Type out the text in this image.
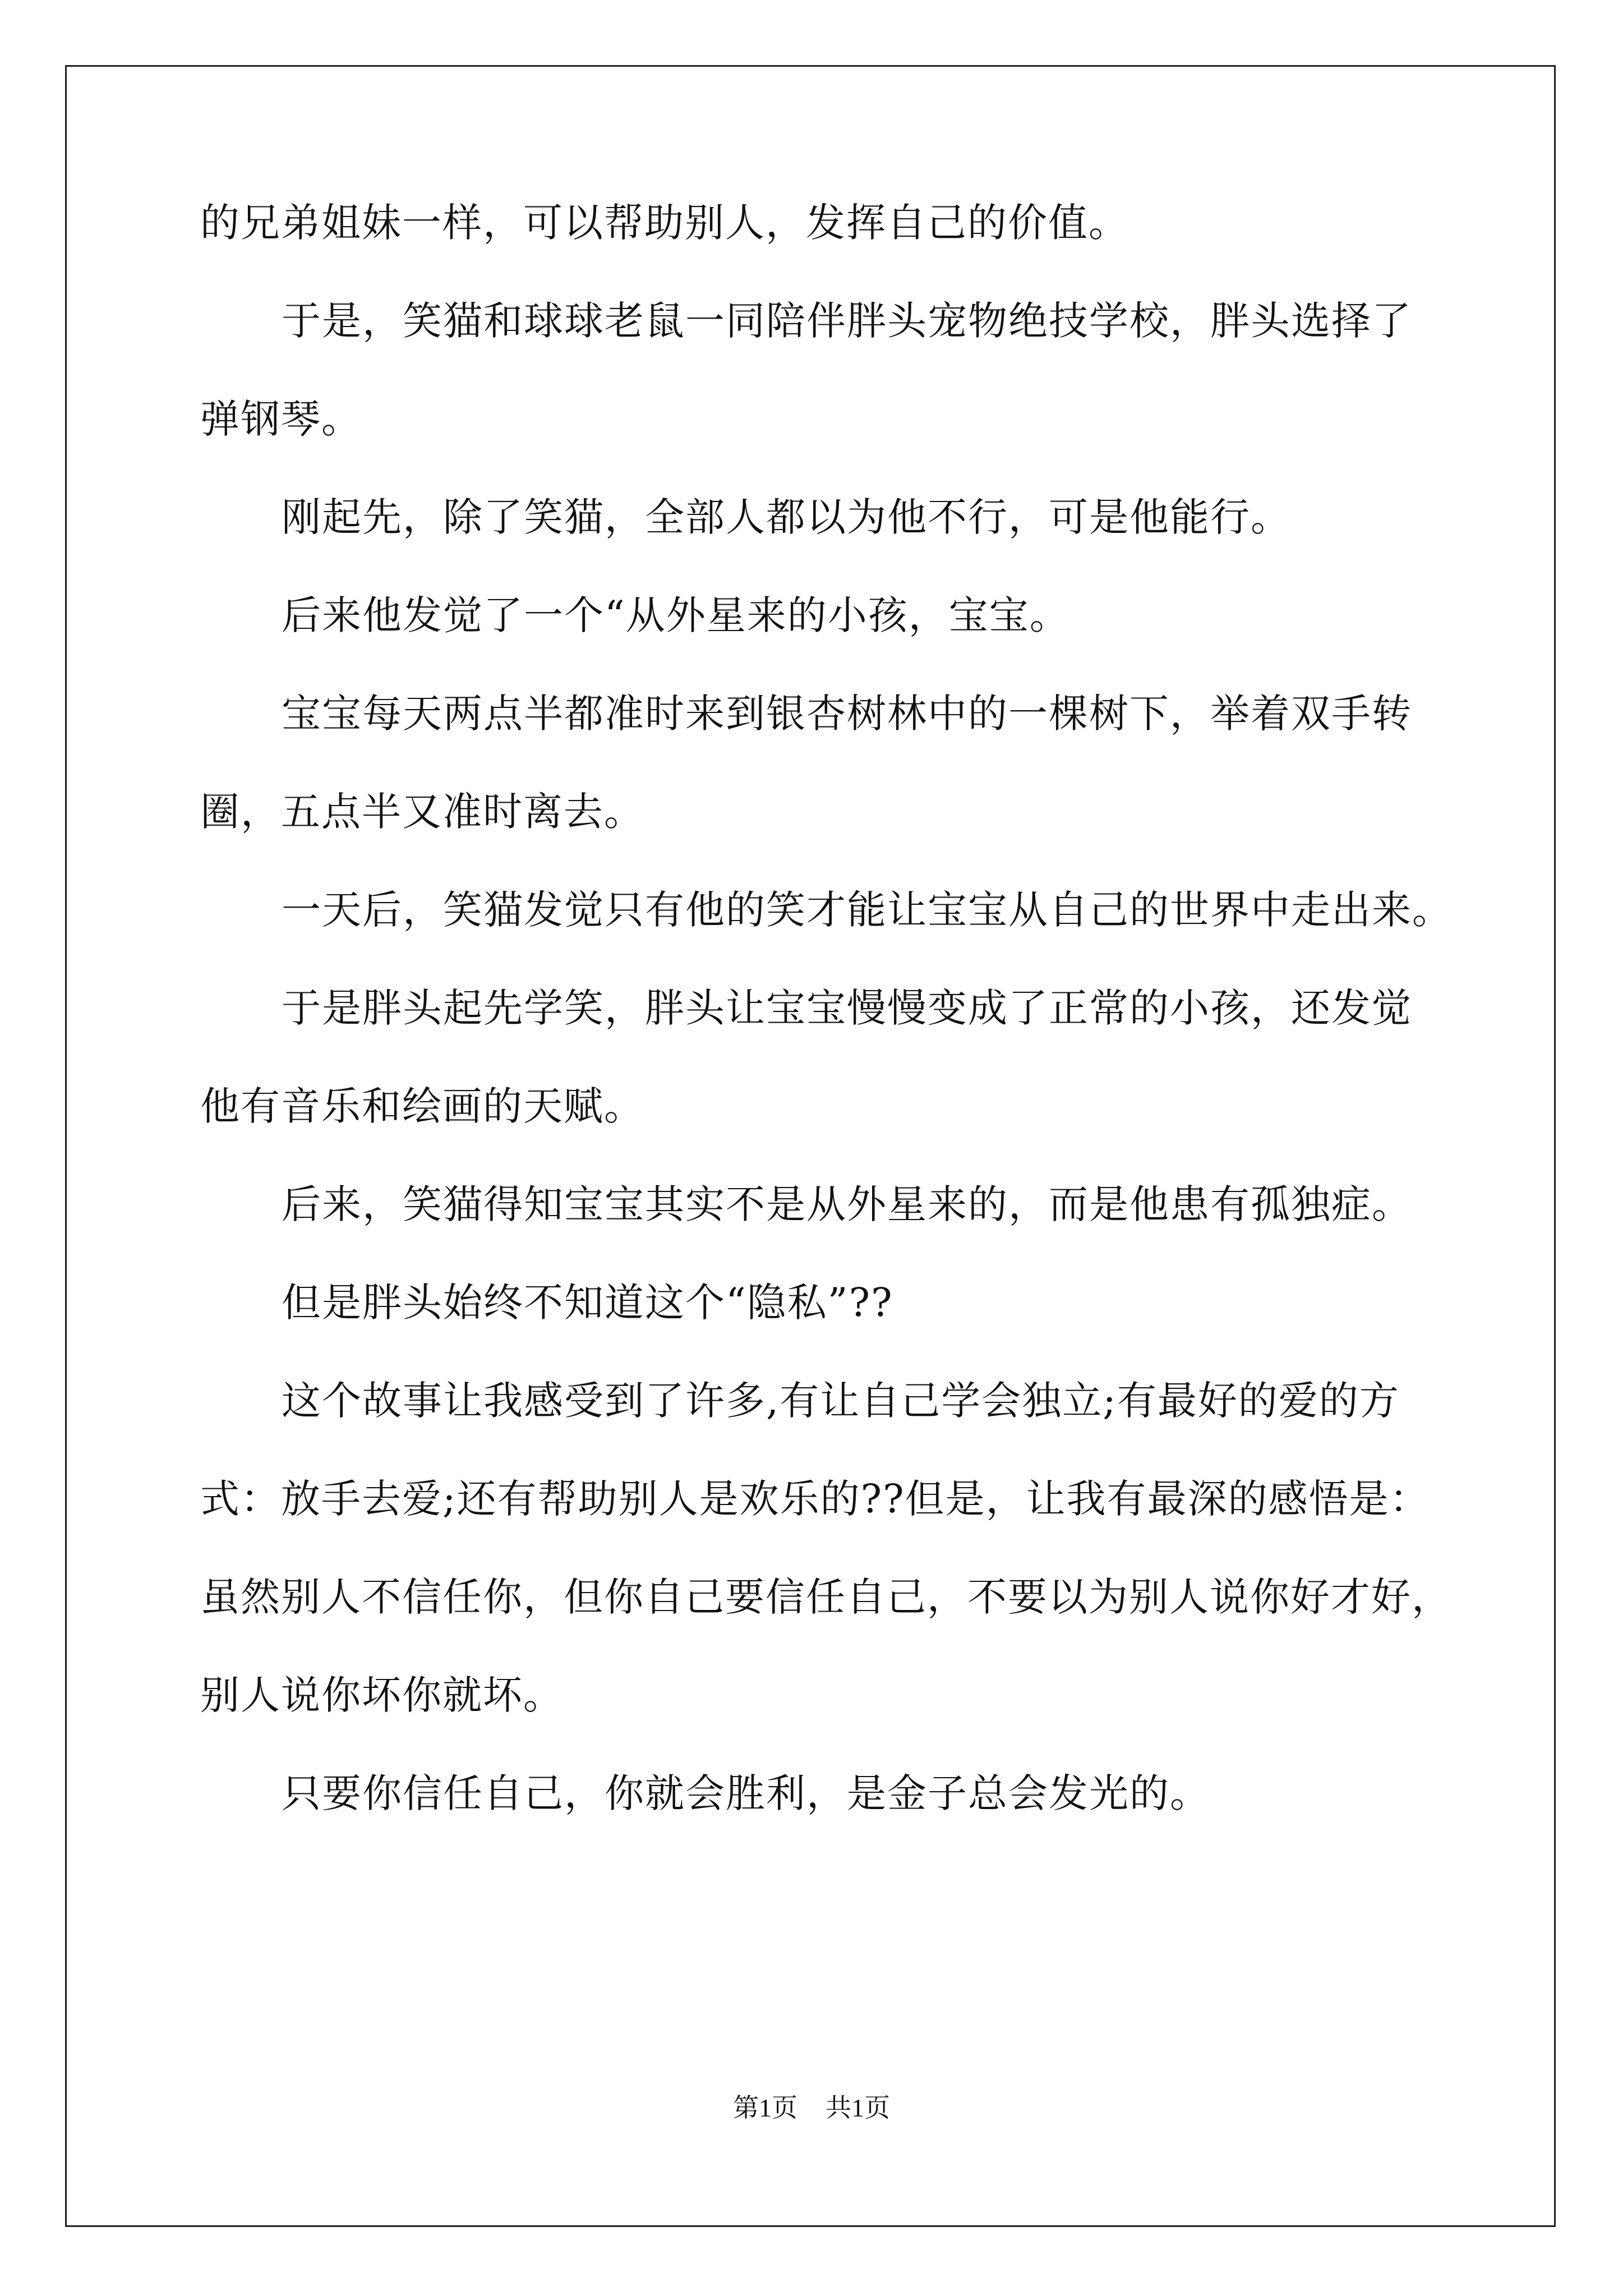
的兄弟姐妹一样，可以帮助别人，发挥自己的价值。
于是，笑猫和球球老鼠一同陪伴胖头宠物绝技学校，胖头选择了
弹钢琴。
刚起先，除了笑猫，全部人都以为他不行，可是他能行。
后来他发觉了一个“从外星来的小孩，宝宝。
宝宝每天两点半都准时来到银杏树林中的一棵树下，举着双手转
圈，五点半又准时离去。
一天后，笑猫发觉只有他的笑才能让宝宝从自己的世界中走出来。
于是胖头起先学笑，胖头让宝宝慢慢变成了正常的小孩，还发觉
他有音乐和绘画的天赋。
后来，笑猫得知宝宝其实不是从外星来的，而是他患有孤独症。
但是胖头始终不知道这个“隐私”??
这个故事让我感受到了许多,有让自己学会独立;有最好的爱的方
式：放手去爱;还有帮助别人是欢乐的??但是，让我有最深的感悟是：
虽然别人不信任你，但你自己要信任自己，不要以为别人说你好才好，
别人说你坏你就坏。
只要你信任自己，你就会胜利，是金子总会发光的。
第1页 共1页
